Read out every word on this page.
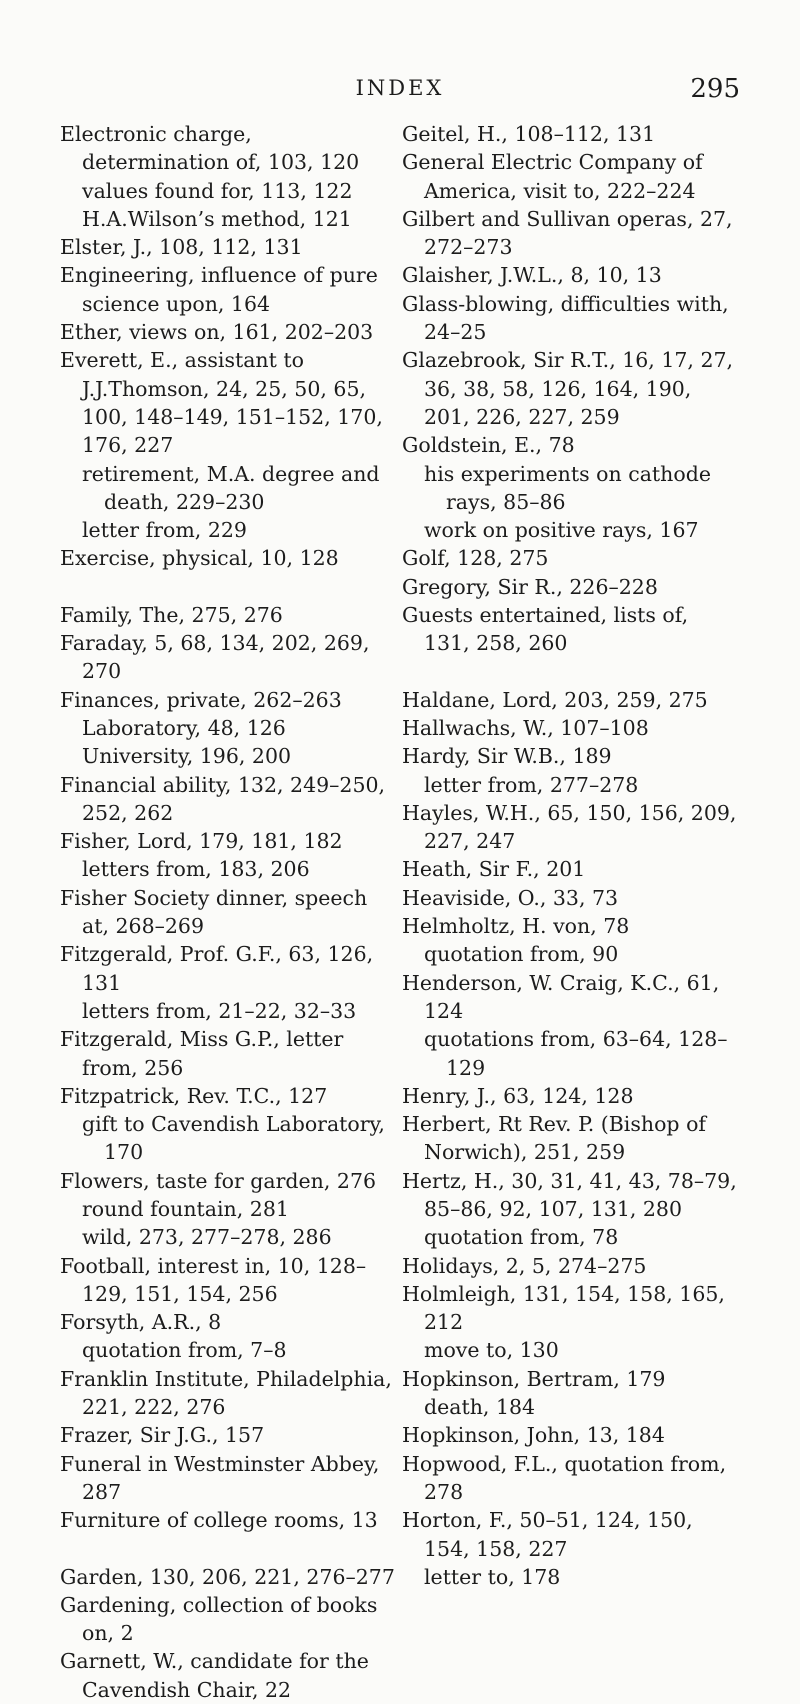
INDEX	295
Electronic charge, determination of, 103, 120
values found for, 113, 122
H.A.Wilson’s method, 121
Elster, J., 108, 112, 131
Engineering, influence of pure science upon, 164
Ether, views on, 161, 202–203
Everett, E., assistant to J.J.Thomson, 24, 25, 50, 65, 100, 148–149, 151–152, 170, 176, 227
retirement, M.A. degree and death, 229–230
letter from, 229
Exercise, physical, 10, 128
Family, The, 275, 276
Faraday, 5, 68, 134, 202, 269, 270
Finances, private, 262–263
Laboratory, 48, 126
University, 196, 200
Financial ability, 132, 249–250, 252, 262
Fisher, Lord, 179, 181, 182
letters from, 183, 206
Fisher Society dinner, speech at, 268–269
Fitzgerald, Prof. G.F., 63, 126, 131
letters from, 21–22, 32–33
Fitzgerald, Miss G.P., letter from, 256
Fitzpatrick, Rev. T.C., 127
gift to Cavendish Laboratory, 170
Flowers, taste for garden, 276
round fountain, 281
wild, 273, 277–278, 286
Football, interest in, 10, 128–129, 151, 154, 256
Forsyth, A.R., 8
quotation from, 7–8
Franklin Institute, Philadelphia, 221, 222, 276
Frazer, Sir J.G., 157
Funeral in Westminster Abbey, 287
Furniture of college rooms, 13
Garden, 130, 206, 221, 276–277
Gardening, collection of books on, 2
Garnett, W., candidate for the Cavendish Chair, 22
Geitel, H., 108–112, 131
General Electric Company of America, visit to, 222–224
Gilbert and Sullivan operas, 27, 272–273
Glaisher, J.W.L., 8, 10, 13
Glass-blowing, difficulties with, 24–25
Glazebrook, Sir R.T., 16, 17, 27, 36, 38, 58, 126, 164, 190, 201, 226, 227, 259
Goldstein, E., 78
his experiments on cathode rays, 85–86
work on positive rays, 167
Golf, 128, 275
Gregory, Sir R., 226–228
Guests entertained, lists of, 131, 258, 260
Haldane, Lord, 203, 259, 275
Hallwachs, W., 107–108
Hardy, Sir W.B., 189
letter from, 277–278
Hayles, W.H., 65, 150, 156, 209, 227, 247
Heath, Sir F., 201
Heaviside, O., 33, 73
Helmholtz, H. von, 78
quotation from, 90
Henderson, W. Craig, K.C., 61, 124
quotations from, 63–64, 128–129
Henry, J., 63, 124, 128
Herbert, Rt Rev. P. (Bishop of Norwich), 251, 259
Hertz, H., 30, 31, 41, 43, 78–79, 85–86, 92, 107, 131, 280
quotation from, 78
Holidays, 2, 5, 274–275
Holmleigh, 131, 154, 158, 165, 212
move to, 130
Hopkinson, Bertram, 179
death, 184
Hopkinson, John, 13, 184
Hopwood, F.L., quotation from, 278
Horton, F., 50–51, 124, 150, 154, 158, 227
letter to, 178
